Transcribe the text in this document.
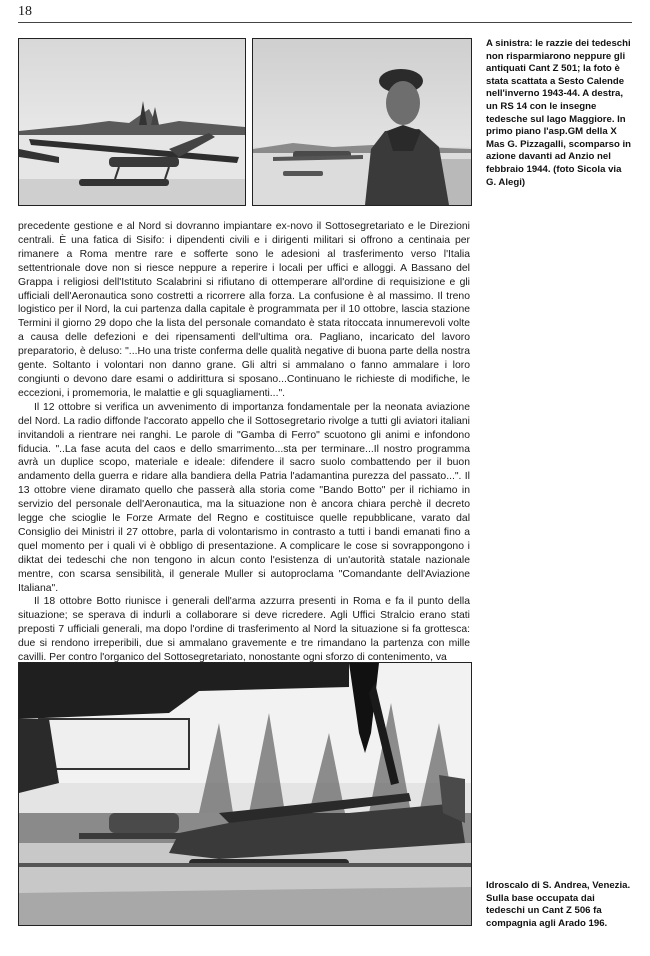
18
A sinistra: le razzie dei tedeschi non risparmiarono neppure gli antiquati Cant Z 501; la foto è stata scattata a Sesto Calende nell'inverno 1943-44. A destra, un RS 14 con le insegne tedesche sul lago Maggiore. In primo piano l'asp.GM della X Mas G. Pizzagalli, scomparso in azione davanti ad Anzio nel febbraio 1944. (foto Sicola via G. Alegi)

precedente gestione e al Nord si dovranno impiantare ex-novo il Sottosegretariato e le Direzioni centrali. È una fatica di Sisifo: i dipendenti civili e i dirigenti militari si offrono a centinaia per rimanere a Roma mentre rare e sofferte sono le adesioni al trasferimento verso l'Italia settentrionale dove non si riesce neppure a reperire i locali per uffici e alloggi. A Bassano del Grappa i religiosi dell'Istituto Scalabrini si rifiutano di ottemperare all'ordine di requisizione e gli ufficiali dell'Aeronautica sono costretti a ricorrere alla forza. La confusione è al massimo. Il treno logistico per il Nord, la cui partenza dalla capitale è programmata per il 10 ottobre, lascia stazione Termini il giorno 29 dopo che la lista del personale comandato è stata ritoccata innumerevoli volte a causa delle defezioni e dei ripensamenti dell'ultima ora. Pagliano, incaricato del lavoro preparatorio, è deluso: "...Ho una triste conferma delle qualità negative di buona parte della nostra gente. Soltanto i volontari non danno grane. Gli altri si ammalano o fanno ammalare i loro congiunti o devono dare esami o addirittura si sposano...Continuano le richieste di modifiche, le eccezioni, i promemoria, le malattie e gli squagliamenti...".

Il 12 ottobre si verifica un avvenimento di importanza fondamentale per la neonata aviazione del Nord. La radio diffonde l'accorato appello che il Sottosegretario rivolge a tutti gli aviatori italiani invitandoli a rientrare nei ranghi. Le parole di "Gamba di Ferro" scuotono gli animi e infondono fiducia. "..La fase acuta del caos e dello smarrimento...sta per terminare...Il nostro programma avrà un duplice scopo, materiale e ideale: difendere il sacro suolo combattendo per il buon andamento della guerra e ridare alla bandiera della Patria l'adamantina purezza del passato...". Il 13 ottobre viene diramato quello che passerà alla storia come "Bando Botto" per il richiamo in servizio del personale dell'Aeronautica, ma la situazione non è ancora chiara perchè il decreto legge che scioglie le Forze Armate del Regno e costituisce quelle repubblicane, varato dal Consiglio dei Ministri il 27 ottobre, parla di volontarismo in contrasto a tutti i bandi emanati fino a quel momento per i quali vi è obbligo di presentazione. A complicare le cose si sovrappongono i diktat dei tedeschi che non tengono in alcun conto l'esistenza di un'autorità statale nazionale mentre, con scarsa sensibilità, il generale Muller si autoproclama "Comandante dell'Aviazione Italiana".

Il 18 ottobre Botto riunisce i generali dell'arma azzurra presenti in Roma e fa il punto della situazione; se sperava di indurli a collaborare si deve ricredere. Agli Uffici Stralcio erano stati preposti 7 ufficiali generali, ma dopo l'ordine di trasferimento al Nord la situazione si fa grottesca: due si rendono irreperibili, due si ammalano gravemente e tre rimandano la partenza con mille cavilli. Per contro l'organico del Sottosegretariato, nonostante ogni sforzo di contenimento, va

Idroscalo di S. Andrea, Venezia. Sulla base occupata dai tedeschi un Cant Z 506 fa compagnia agli Arado 196.
